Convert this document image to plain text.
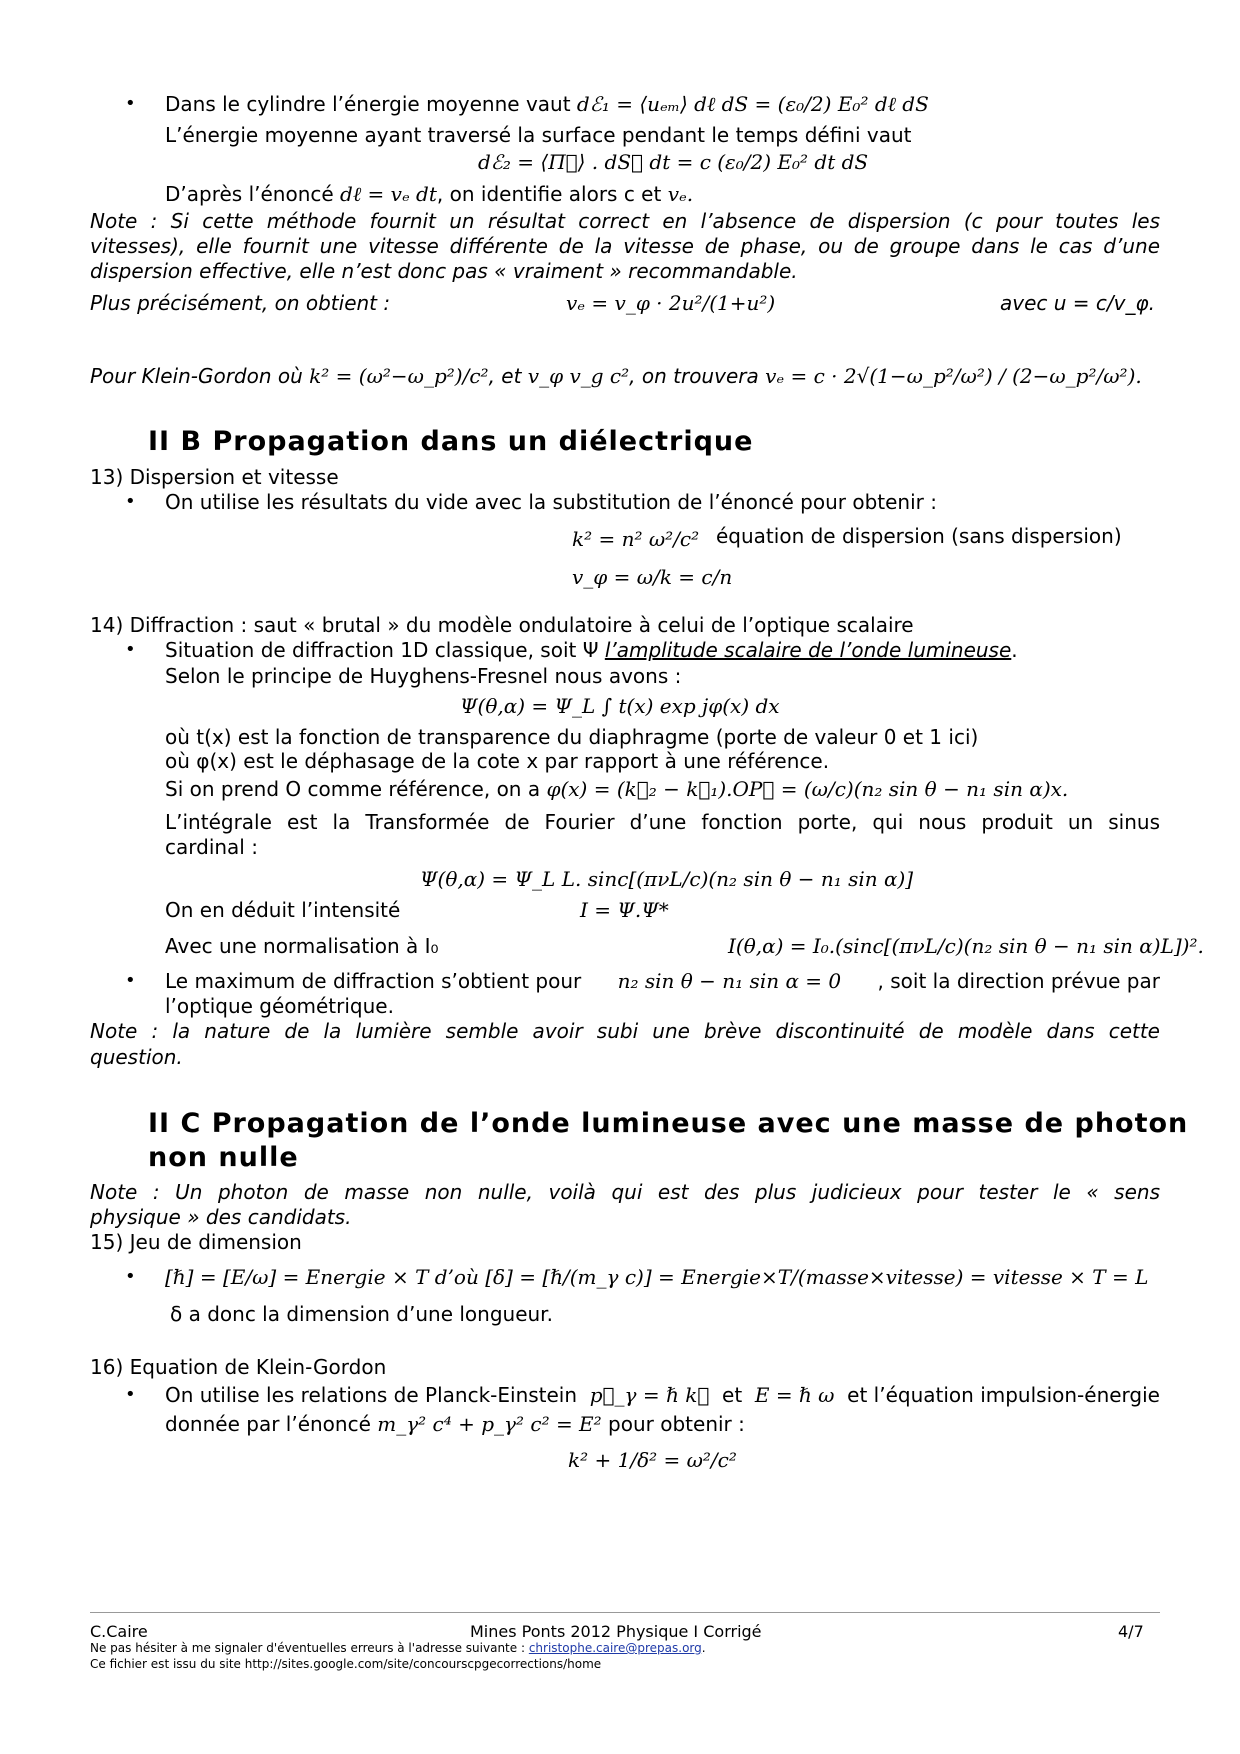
• Dans le cylindre l’énergie moyenne vaut dℰ₁ = ⟨uₑₘ⟩ dℓ dS = (ε₀/2) E₀² dℓ dS
L’énergie moyenne ayant traversé la surface pendant le temps défini vaut
dℰ₂ = ⟨Π⃗⟩ . dS⃗ dt = c (ε₀/2) E₀² dt dS
D’après l’énoncé dℓ = vₑ dt, on identifie alors c et vₑ.
Note : Si cette méthode fournit un résultat correct en l’absence de dispersion (c pour toutes les
vitesses), elle fournit une vitesse différente de la vitesse de phase, ou de groupe dans le cas d’une
dispersion effective, elle n’est donc pas « vraiment » recommandable.
Plus précisément, on obtient :	vₑ = v_φ · 2u²/(1+u²)	avec u = c/v_φ.
Pour Klein-Gordon où k² = (ω²−ω_p²)/c², et v_φ v_g c², on trouvera vₑ = c · 2√(1−ω_p²/ω²) / (2−ω_p²/ω²).
II B Propagation dans un diélectrique
13) Dispersion et vitesse
• On utilise les résultats du vide avec la substitution de l’énoncé pour obtenir :
k² = n² ω²/c² équation de dispersion (sans dispersion)
v_φ = ω/k = c/n
14) Diffraction : saut « brutal » du modèle ondulatoire à celui de l’optique scalaire
• Situation de diffraction 1D classique, soit Ψ l’amplitude scalaire de l’onde lumineuse.
Selon le principe de Huyghens-Fresnel nous avons :
Ψ(θ,α) = Ψ_L ∫ t(x) exp jφ(x) dx
où t(x) est la fonction de transparence du diaphragme (porte de valeur 0 et 1 ici)
où φ(x) est le déphasage de la cote x par rapport à une référence.
Si on prend O comme référence, on a φ(x) = (k⃗₂ − k⃗₁).OP⃗ = (ω/c)(n₂ sin θ − n₁ sin α)x.
L’intégrale est la Transformée de Fourier d’une fonction porte, qui nous produit un sinus
cardinal :
Ψ(θ,α) = Ψ_L L. sinc[(πνL/c)(n₂ sin θ − n₁ sin α)]
On en déduit l’intensité	I = Ψ.Ψ*
Avec une normalisation à I₀	I(θ,α) = I₀.(sinc[(πνL/c)(n₂ sin θ − n₁ sin α)L])².
• Le maximum de diffraction s’obtient pour n₂ sin θ − n₁ sin α = 0 , soit la direction prévue par
l’optique géométrique.
Note : la nature de la lumière semble avoir subi une brève discontinuité de modèle dans cette
question.
II C Propagation de l’onde lumineuse avec une masse de photon
non nulle
Note : Un photon de masse non nulle, voilà qui est des plus judicieux pour tester le « sens
physique » des candidats.
15) Jeu de dimension
• [ℏ] = [E/ω] = Energie × T d’où [δ] = [ℏ/(m_γ c)] = Energie×T/(masse×vitesse) = vitesse × T = L
δ a donc la dimension d’une longueur.
16) Equation de Klein-Gordon
• On utilise les relations de Planck-Einstein p⃗_γ = ℏ k⃗ et E = ℏ ω et l’équation impulsion-énergie
donnée par l’énoncé m_γ² c⁴ + p_γ² c² = E² pour obtenir :
k² + 1/δ² = ω²/c²
C.Caire	Mines Ponts 2012 Physique I Corrigé	4/7
Ne pas hésiter à me signaler d'éventuelles erreurs à l'adresse suivante : christophe.caire@prepas.org.
Ce fichier est issu du site http://sites.google.com/site/concourscpgecorrections/home
